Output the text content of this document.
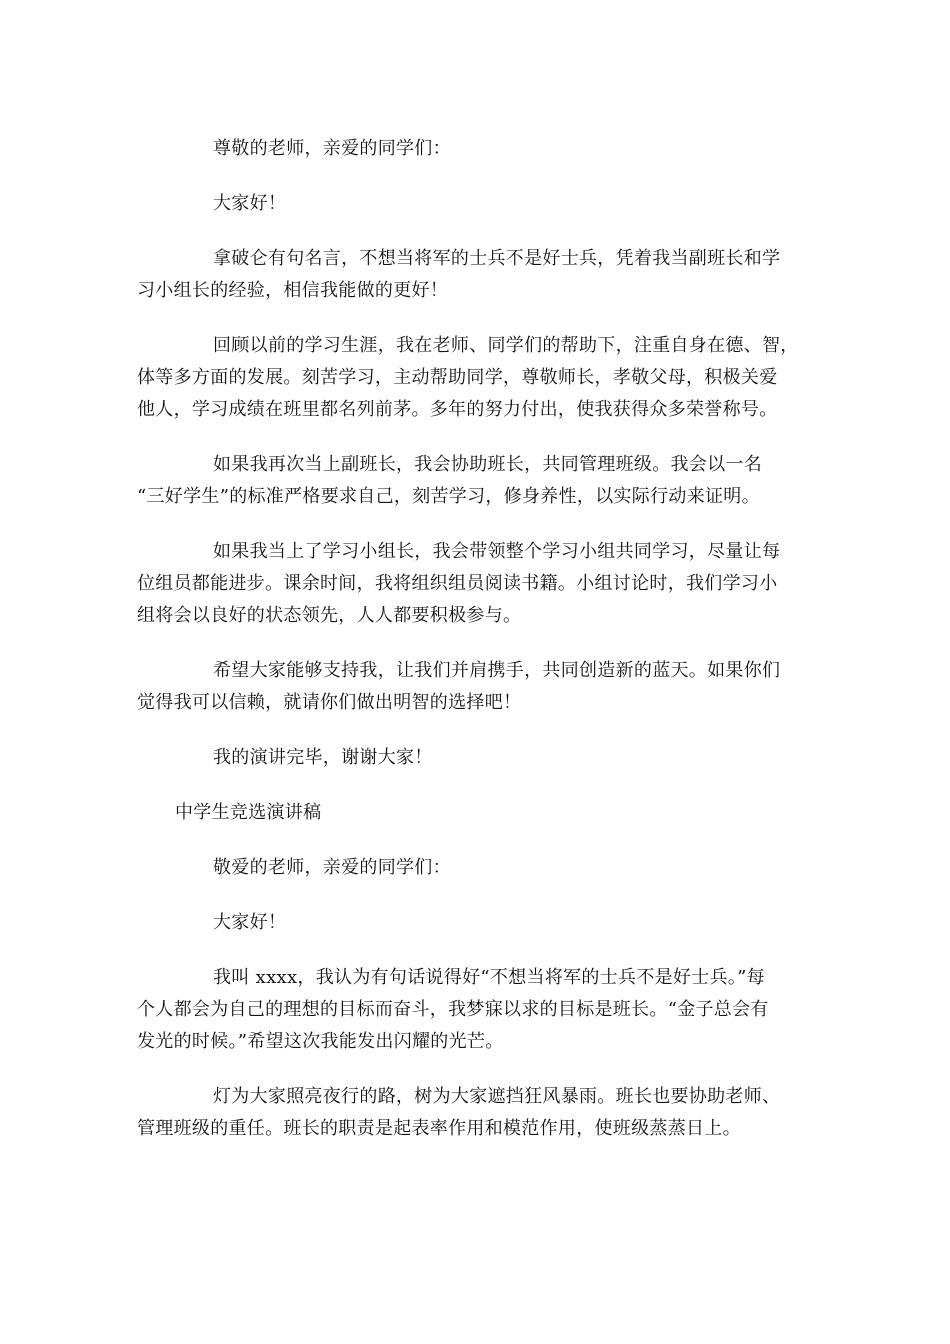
尊敬的老师，亲爱的同学们：

大家好！

拿破仑有句名言，不想当将军的士兵不是好士兵，凭着我当副班长和学
习小组长的经验，相信我能做的更好！

回顾以前的学习生涯，我在老师、同学们的帮助下，注重自身在德、智，
体等多方面的发展。刻苦学习，主动帮助同学，尊敬师长，孝敬父母，积极关爱
他人，学习成绩在班里都名列前茅。多年的努力付出，使我获得众多荣誉称号。

如果我再次当上副班长，我会协助班长，共同管理班级。我会以一名
“三好学生”的标准严格要求自己，刻苦学习，修身养性，以实际行动来证明。

如果我当上了学习小组长，我会带领整个学习小组共同学习，尽量让每
位组员都能进步。课余时间，我将组织组员阅读书籍。小组讨论时，我们学习小
组将会以良好的状态领先，人人都要积极参与。

希望大家能够支持我，让我们并肩携手，共同创造新的蓝天。如果你们
觉得我可以信赖，就请你们做出明智的选择吧！

我的演讲完毕，谢谢大家！

中学生竞选演讲稿

敬爱的老师，亲爱的同学们：

大家好！

我叫 xxxx，我认为有句话说得好“不想当将军的士兵不是好士兵。”每
个人都会为自己的理想的目标而奋斗，我梦寐以求的目标是班长。“金子总会有
发光的时候。”希望这次我能发出闪耀的光芒。

灯为大家照亮夜行的路，树为大家遮挡狂风暴雨。班长也要协助老师、
管理班级的重任。班长的职责是起表率作用和模范作用，使班级蒸蒸日上。
